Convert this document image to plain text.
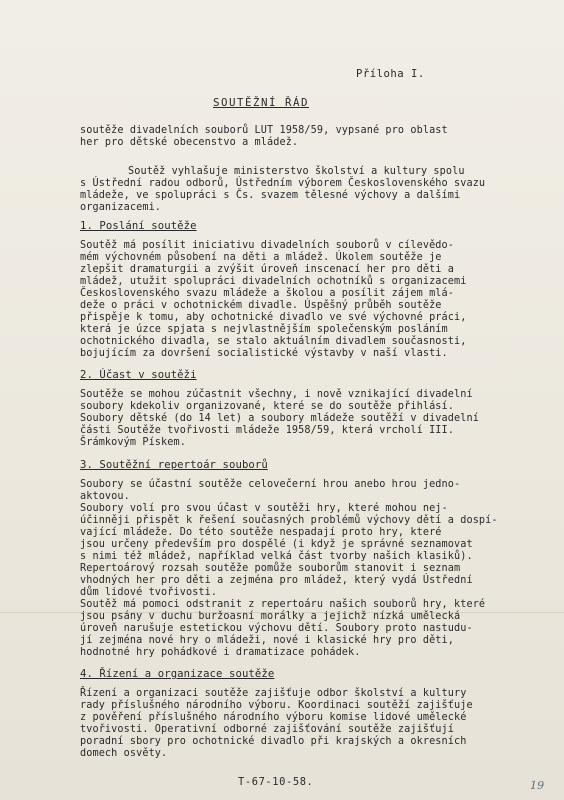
Příloha I.
SOUTĚŽNÍ ŘÁD
soutěže divadelních souborů LUT 1958/59, vypsané pro oblast
her pro dětské obecenstvo a mládež.
Soutěž vyhlašuje ministerstvo školství a kultury spolu
s Ústřední radou odborů, Ústředním výborem Československého svazu
mládeže, ve spolupráci s Čs. svazem tělesné výchovy a dalšími
organizacemi.
1. Poslání soutěže
Soutěž má posílit iniciativu divadelních souborů v cílevědo-
mém výchovném působení na děti a mládež. Úkolem soutěže je
zlepšit dramaturgii a zvýšit úroveň inscenací her pro děti a
mládež, utužit spolupráci divadelních ochotníků s organizacemi
Československého svazu mládeže a školou a posílit zájem mlá-
deže o práci v ochotnickém divadle. Úspěšný průběh soutěže
přispěje k tomu, aby ochotnické divadlo ve své výchovné práci,
která je úzce spjata s nejvlastnějším společenským posláním
ochotnického divadla, se stalo aktuálním divadlem současnosti,
bojujícím za dovršení socialistické výstavby v naší vlasti.
2. Účast v soutěži
Soutěže se mohou zúčastnit všechny, i nově vznikající divadelní
soubory kdekoliv organizované, které se do soutěže přihlásí.
Soubory dětské (do 14 let) a soubory mládeže soutěží v divadelní
části Soutěže tvořivosti mládeže 1958/59, která vrcholí III.
Šrámkovým Pískem.
3. Soutěžní repertoár souborů
Soubory se účastní soutěže celovečerní hrou anebo hrou jedno-
aktovou.
Soubory volí pro svou účast v soutěži hry, které mohou nej-
účinněji přispět k řešení současných problémů výchovy dětí a dospí-
vající mládeže. Do této soutěže nespadají proto hry, které
jsou určeny především pro dospělé (i když je správné seznamovat
s nimi též mládež, například velká část tvorby našich klasiků).
Repertoárový rozsah soutěže pomůže souborům stanovit i seznam
vhodných her pro děti a zejména pro mládež, který vydá Ústřední
dům lidové tvořivosti.
Soutěž má pomoci odstranit z repertoáru našich souborů hry, které
jsou psány v duchu buržoasní morálky a jejichž nízká umělecká
úroveň narušuje estetickou výchovu dětí. Soubory proto nastudu-
jí zejména nové hry o mládeži, nové i klasické hry pro děti,
hodnotné hry pohádkové i dramatizace pohádek.
4. Řízení a organizace soutěže
Řízení a organizaci soutěže zajišťuje odbor školství a kultury
rady příslušného národního výboru. Koordinaci soutěží zajišťuje
z pověření příslušného národního výboru komise lidové umělecké
tvořivosti. Operativní odborné zajišťování soutěže zajišťují
poradní sbory pro ochotnické divadlo při krajských a okresních
domech osvěty.
T-67-10-58.	19
